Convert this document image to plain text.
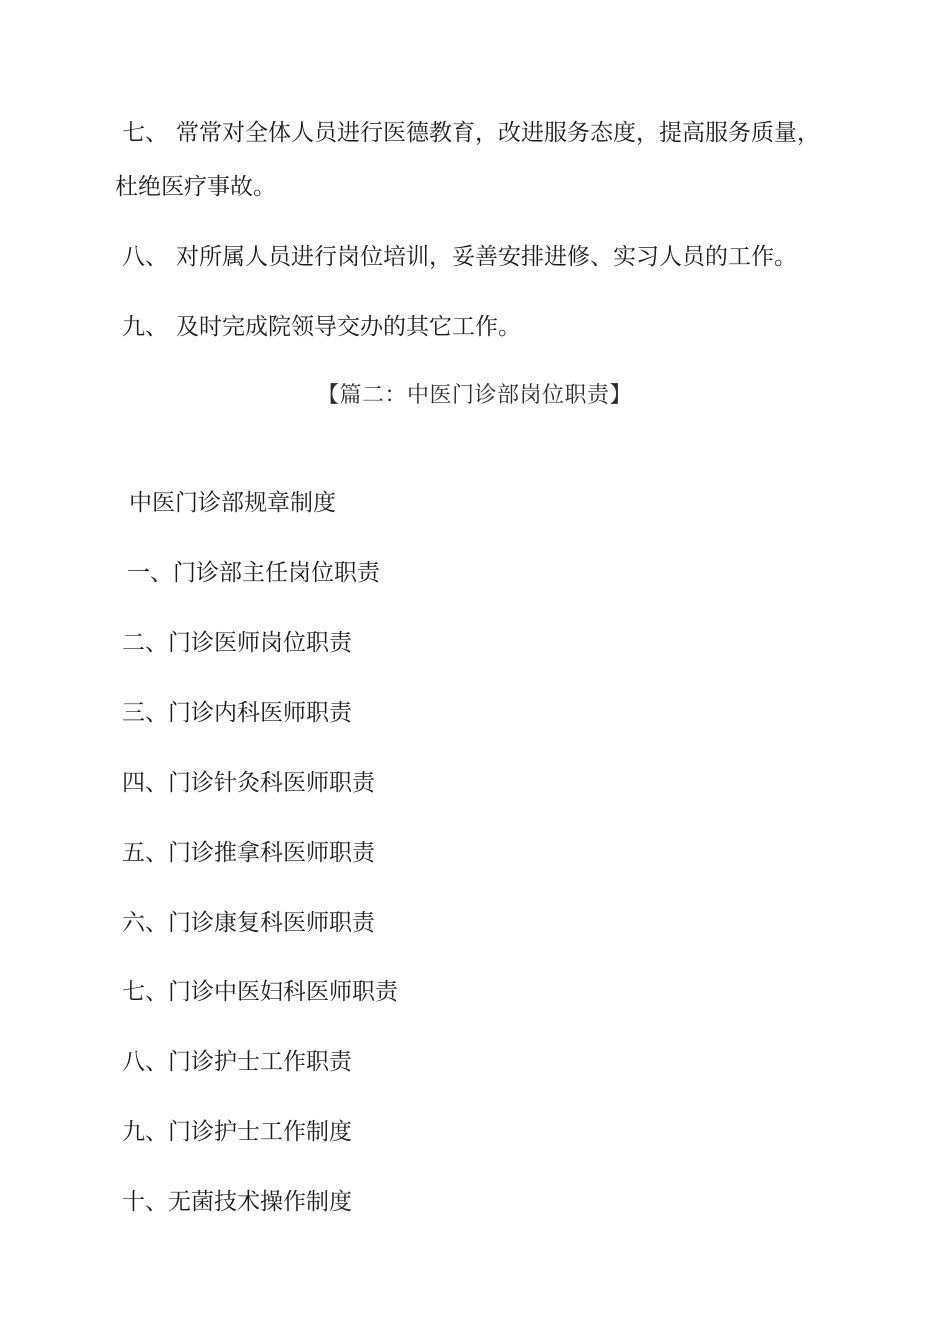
七、 常常对全体人员进行医德教育，改进服务态度，提高服务质量，
杜绝医疗事故。
八、 对所属人员进行岗位培训，妥善安排进修、实习人员的工作。
九、 及时完成院领导交办的其它工作。
【篇二：中医门诊部岗位职责】
中医门诊部规章制度
一、门诊部主任岗位职责
二、门诊医师岗位职责
三、门诊内科医师职责
四、门诊针灸科医师职责
五、门诊推拿科医师职责
六、门诊康复科医师职责
七、门诊中医妇科医师职责
八、门诊护士工作职责
九、门诊护士工作制度
十、无菌技术操作制度
